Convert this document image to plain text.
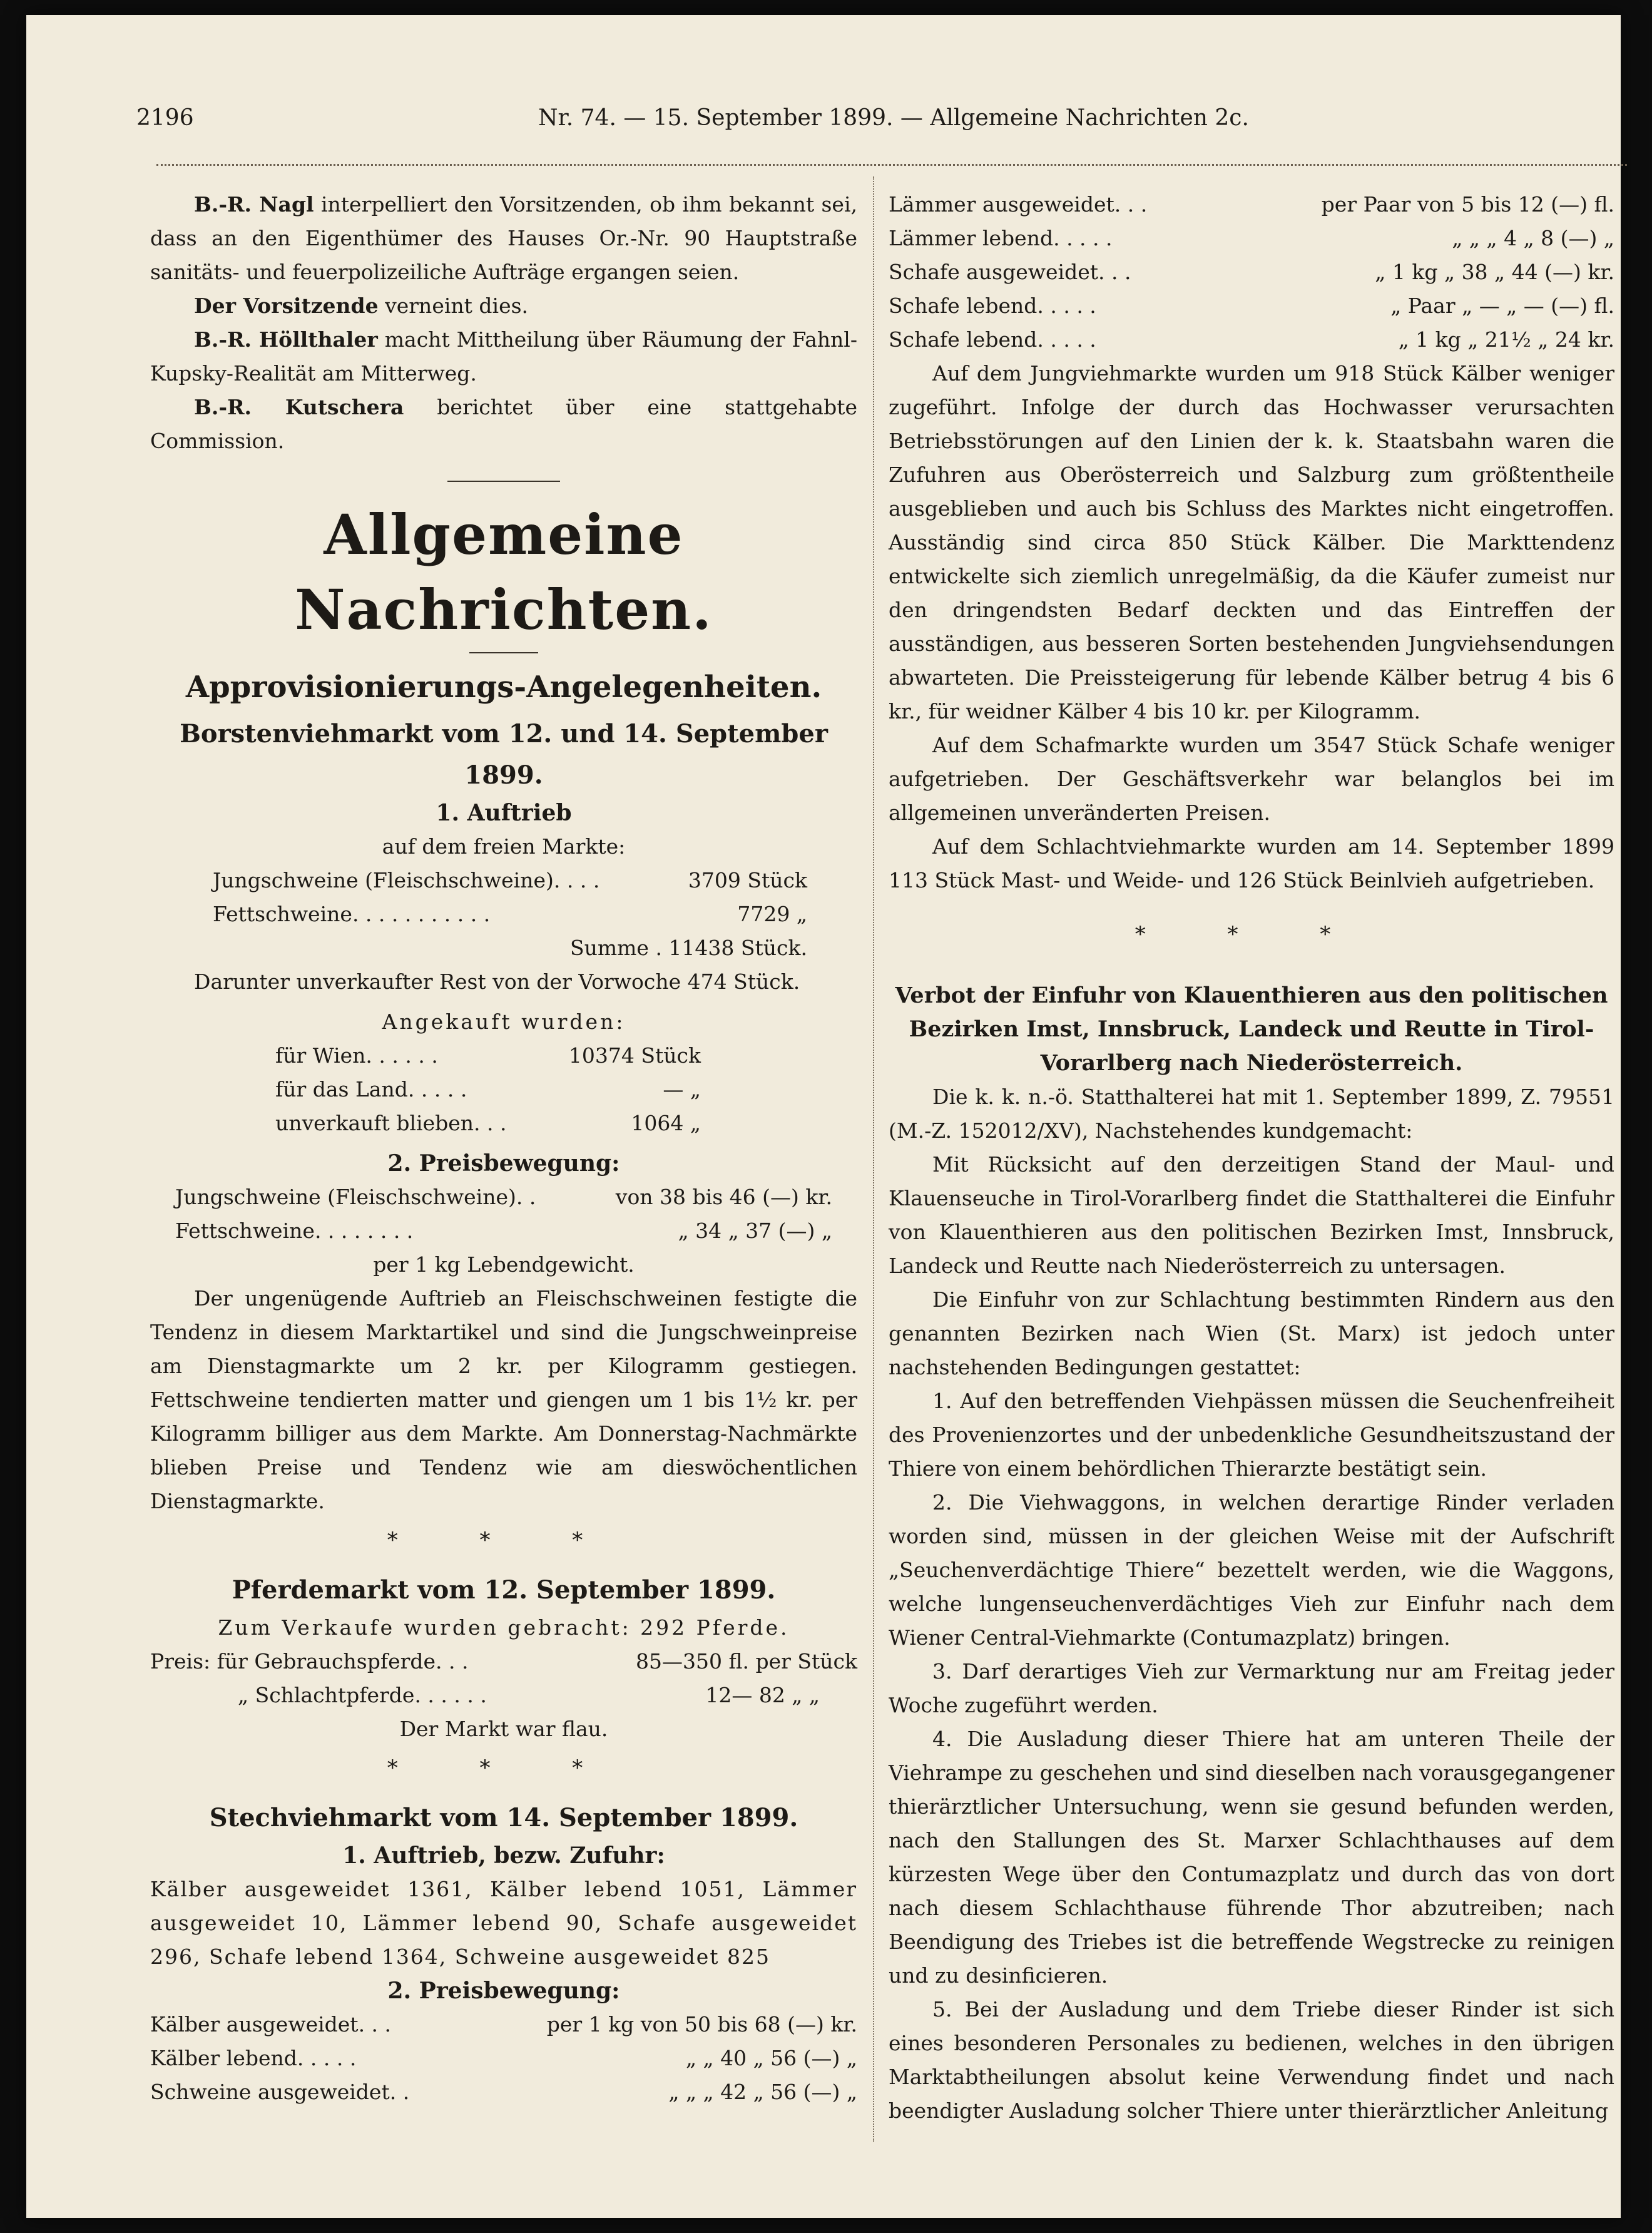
2196	Nr. 74. — 15. September 1899. — Allgemeine Nachrichten 2c.

B.-R. Nagl interpelliert den Vorsitzenden, ob ihm bekannt sei, dass an den Eigenthümer des Hauses Or.-Nr. 90 Hauptstraße sanitäts- und feuerpolizeiliche Aufträge ergangen seien.

Der Vorsitzende verneint dies.

B.-R. Höllthaler macht Mittheilung über Räumung der Fahnl-Kupsky-Realität am Mitterweg.

B.-R. Kutschera berichtet über eine stattgehabte Commission.

Allgemeine Nachrichten.
Approvisionierungs-Angelegenheiten.
Borstenviehmarkt vom 12. und 14. September 1899.
1. Auftrieb
auf dem freien Markte:
Jungschweine (Fleischschweine) . . . .	3709 Stück
Fettschweine . . . . . . . . . . .	7729 „
Summe . 11438 Stück.

Darunter unverkaufter Rest von der Vorwoche 474 Stück.

Angekauft wurden:
für Wien . . . . . .	10374 Stück
für das Land . . . . .	— „
unverkauft blieben . . .	1064 „
2. Preisbewegung:
Jungschweine (Fleischschweine) . .	von 38 bis 46 (—) kr.
Fettschweine . . . . . . . .	„ 34 „ 37 (—) „
per 1 kg Lebendgewicht.

Der ungenügende Auftrieb an Fleischschweinen festigte die Tendenz in diesem Marktartikel und sind die Jungschweinpreise am Dienstagmarkte um 2 kr. per Kilogramm gestiegen. Fettschweine tendierten matter und giengen um 1 bis 1½ kr. per Kilogramm billiger aus dem Markte. Am Donnerstag-Nachmärkte blieben Preise und Tendenz wie am dieswöchentlichen Dienstagmarkte.

* * *
Pferdemarkt vom 12. September 1899.
Zum Verkaufe wurden gebracht: 292 Pferde.
Preis: für Gebrauchspferde . . .	85—350 fl. per Stück
„ Schlachtpferde . . . . . .	12— 82 „ „
Der Markt war flau.
* * *
Stechviehmarkt vom 14. September 1899.
1. Auftrieb, bezw. Zufuhr:

Kälber ausgeweidet 1361, Kälber lebend 1051, Lämmer ausgeweidet 10, Lämmer lebend 90, Schafe ausgeweidet 296, Schafe lebend 1364, Schweine ausgeweidet 825

2. Preisbewegung:
Kälber ausgeweidet . . .	per 1 kg von 50 bis 68 (—) kr.
Kälber lebend . . . . .	„ „ 40 „ 56 (—) „
Schweine ausgeweidet . .	„ „ „ 42 „ 56 (—) „
Lämmer ausgeweidet . . .	per Paar von 5 bis 12 (—) fl.
Lämmer lebend . . . . .	„ „ „ 4 „ 8 (—) „
Schafe ausgeweidet . . .	„ 1 kg „ 38 „ 44 (—) kr.
Schafe lebend . . . . .	„ Paar „ — „ — (—) fl.
Schafe lebend . . . . .	„ 1 kg „ 21½ „ 24 kr.

Auf dem Jungviehmarkte wurden um 918 Stück Kälber weniger zugeführt. Infolge der durch das Hochwasser verursachten Betriebsstörungen auf den Linien der k. k. Staatsbahn waren die Zufuhren aus Oberösterreich und Salzburg zum größtentheile ausgeblieben und auch bis Schluss des Marktes nicht eingetroffen. Ausständig sind circa 850 Stück Kälber. Die Markttendenz entwickelte sich ziemlich unregelmäßig, da die Käufer zumeist nur den dringendsten Bedarf deckten und das Eintreffen der ausständigen, aus besseren Sorten bestehenden Jungviehsendungen abwarteten. Die Preissteigerung für lebende Kälber betrug 4 bis 6 kr., für weidner Kälber 4 bis 10 kr. per Kilogramm.

Auf dem Schafmarkte wurden um 3547 Stück Schafe weniger aufgetrieben. Der Geschäftsverkehr war belanglos bei im allgemeinen unveränderten Preisen.

Auf dem Schlachtviehmarkte wurden am 14. September 1899 113 Stück Mast- und Weide- und 126 Stück Beinlvieh aufgetrieben.

* * *

Verbot der Einfuhr von Klauenthieren aus den politischen Bezirken Imst, Innsbruck, Landeck und Reutte in Tirol-Vorarlberg nach Niederösterreich.

Die k. k. n.-ö. Statthalterei hat mit 1. September 1899, Z. 79551 (M.-Z. 152012/XV), Nachstehendes kundgemacht:

Mit Rücksicht auf den derzeitigen Stand der Maul- und Klauenseuche in Tirol-Vorarlberg findet die Statthalterei die Einfuhr von Klauenthieren aus den politischen Bezirken Imst, Innsbruck, Landeck und Reutte nach Niederösterreich zu untersagen.

Die Einfuhr von zur Schlachtung bestimmten Rindern aus den genannten Bezirken nach Wien (St. Marx) ist jedoch unter nachstehenden Bedingungen gestattet:

1. Auf den betreffenden Viehpässen müssen die Seuchenfreiheit des Provenienzortes und der unbedenkliche Gesundheitszustand der Thiere von einem behördlichen Thierarzte bestätigt sein.

2. Die Viehwaggons, in welchen derartige Rinder verladen worden sind, müssen in der gleichen Weise mit der Aufschrift „Seuchenverdächtige Thiere“ bezettelt werden, wie die Waggons, welche lungenseuchenverdächtiges Vieh zur Einfuhr nach dem Wiener Central-Viehmarkte (Contumazplatz) bringen.

3. Darf derartiges Vieh zur Vermarktung nur am Freitag jeder Woche zugeführt werden.

4. Die Ausladung dieser Thiere hat am unteren Theile der Viehrampe zu geschehen und sind dieselben nach vorausgegangener thierärztlicher Untersuchung, wenn sie gesund befunden werden, nach den Stallungen des St. Marxer Schlachthauses auf dem kürzesten Wege über den Contumazplatz und durch das von dort nach diesem Schlachthause führende Thor abzutreiben; nach Beendigung des Triebes ist die betreffende Wegstrecke zu reinigen und zu desinficieren.

5. Bei der Ausladung und dem Triebe dieser Rinder ist sich eines besonderen Personales zu bedienen, welches in den übrigen Marktabtheilungen absolut keine Verwendung findet und nach beendigter Ausladung solcher Thiere unter thierärztlicher Anleitung
